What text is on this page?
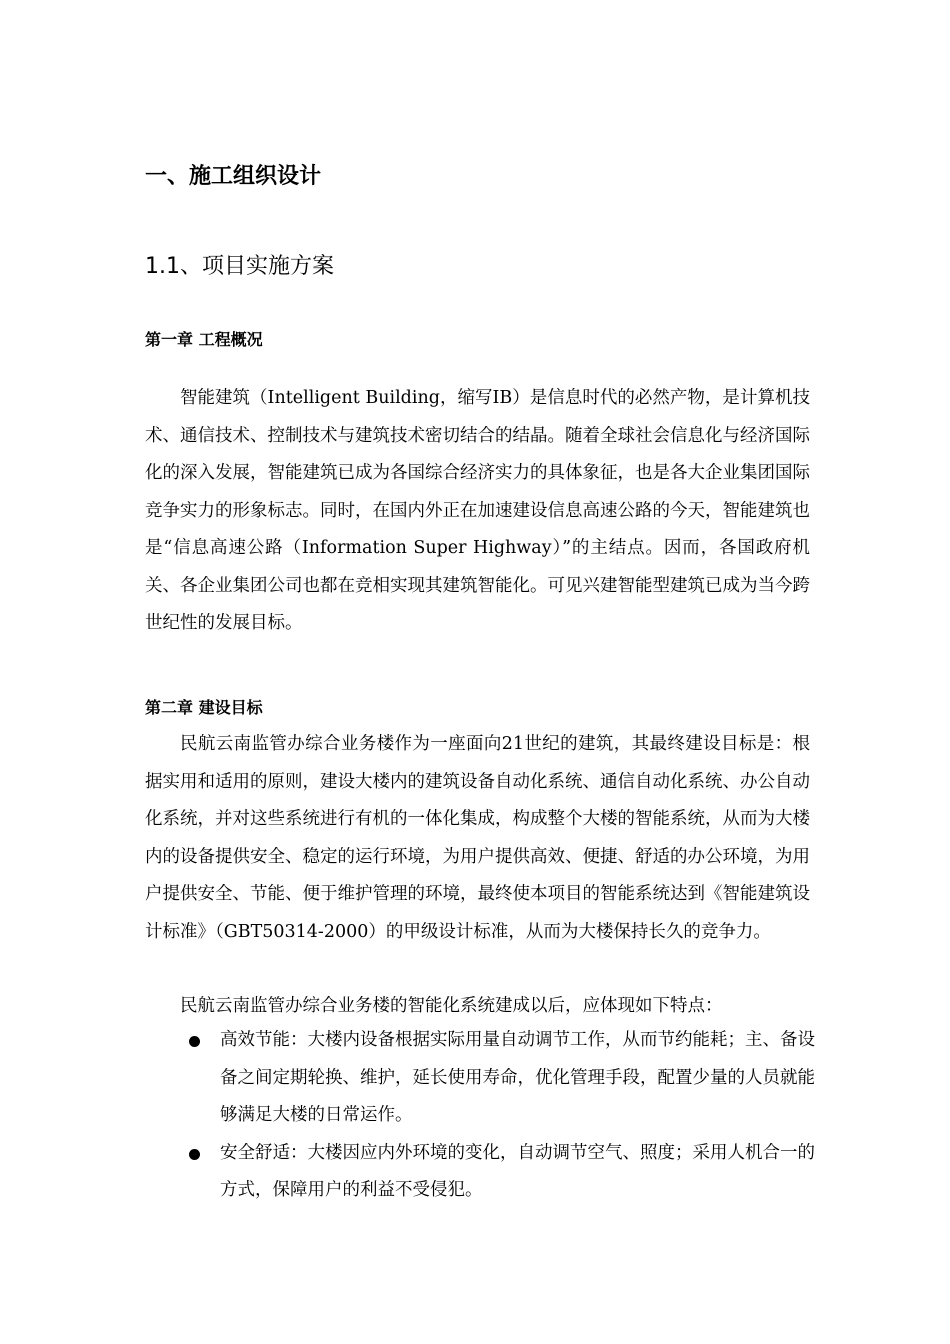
一、施工组织设计
1.1、项目实施方案
第一章 工程概况

智能建筑（Intelligent Building，缩写IB）是信息时代的必然产物，是计算机技术、通信技术、控制技术与建筑技术密切结合的结晶。随着全球社会信息化与经济国际化的深入发展，智能建筑已成为各国综合经济实力的具体象征，也是各大企业集团国际竞争实力的形象标志。同时，在国内外正在加速建设信息高速公路的今天，智能建筑也是“信息高速公路（Information Super Highway）”的主结点。因而，各国政府机关、各企业集团公司也都在竞相实现其建筑智能化。可见兴建智能型建筑已成为当今跨世纪性的发展目标。

第二章 建设目标

民航云南监管办综合业务楼作为一座面向21世纪的建筑，其最终建设目标是：根据实用和适用的原则，建设大楼内的建筑设备自动化系统、通信自动化系统、办公自动化系统，并对这些系统进行有机的一体化集成，构成整个大楼的智能系统，从而为大楼内的设备提供安全、稳定的运行环境，为用户提供高效、便捷、舒适的办公环境，为用户提供安全、节能、便于维护管理的环境，最终使本项目的智能系统达到《智能建筑设计标准》（GBT50314-2000）的甲级设计标准，从而为大楼保持长久的竞争力。

民航云南监管办综合业务楼的智能化系统建成以后，应体现如下特点：

高效节能：大楼内设备根据实际用量自动调节工作，从而节约能耗；主、备设备之间定期轮换、维护，延长使用寿命，优化管理手段，配置少量的人员就能够满足大楼的日常运作。
安全舒适：大楼因应内外环境的变化，自动调节空气、照度；采用人机合一的方式，保障用户的利益不受侵犯。
